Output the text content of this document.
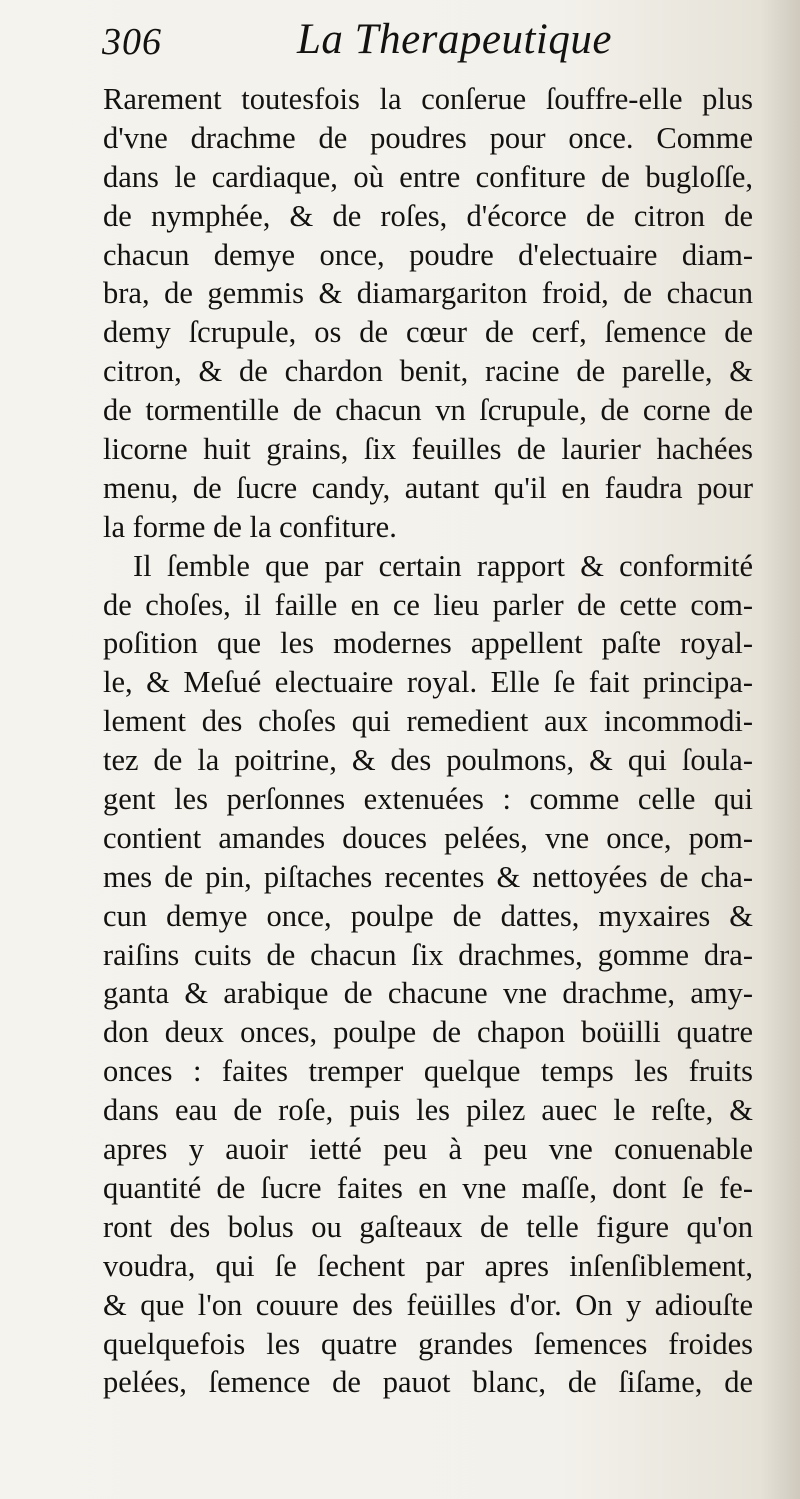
306	La Therapeutique
Rarement toutesfois la conſerue ſouffre-elle plus
d'vne drachme de poudres pour once. Comme
dans le cardiaque, où entre confiture de bugloſſe,
de nymphée, & de roſes, d'écorce de citron de
chacun demye once, poudre d'electuaire diam-
bra, de gemmis & diamargariton froid, de chacun
demy ſcrupule, os de cœur de cerf, ſemence de
citron, & de chardon benit, racine de parelle, &
de tormentille de chacun vn ſcrupule, de corne de
licorne huit grains, ſix feuilles de laurier hachées
menu, de ſucre candy, autant qu'il en faudra pour
la forme de la confiture.
Il ſemble que par certain rapport & conformité
de choſes, il faille en ce lieu parler de cette com-
poſition que les modernes appellent paſte royal-
le, & Meſué electuaire royal. Elle ſe fait principa-
lement des choſes qui remedient aux incommodi-
tez de la poitrine, & des poulmons, & qui ſoula-
gent les perſonnes extenuées : comme celle qui
contient amandes douces pelées, vne once, pom-
mes de pin, piſtaches recentes & nettoyées de cha-
cun demye once, poulpe de dattes, myxaires &
raiſins cuits de chacun ſix drachmes, gomme dra-
ganta & arabique de chacune vne drachme, amy-
don deux onces, poulpe de chapon boüilli quatre
onces : faites tremper quelque temps les fruits
dans eau de roſe, puis les pilez auec le reſte, &
apres y auoir ietté peu à peu vne conuenable
quantité de ſucre faites en vne maſſe, dont ſe fe-
ront des bolus ou gaſteaux de telle figure qu'on
voudra, qui ſe ſechent par apres inſenſiblement,
& que l'on couure des feüilles d'or. On y adiouſte
quelquefois les quatre grandes ſemences froides
pelées, ſemence de pauot blanc, de ſiſame, de
